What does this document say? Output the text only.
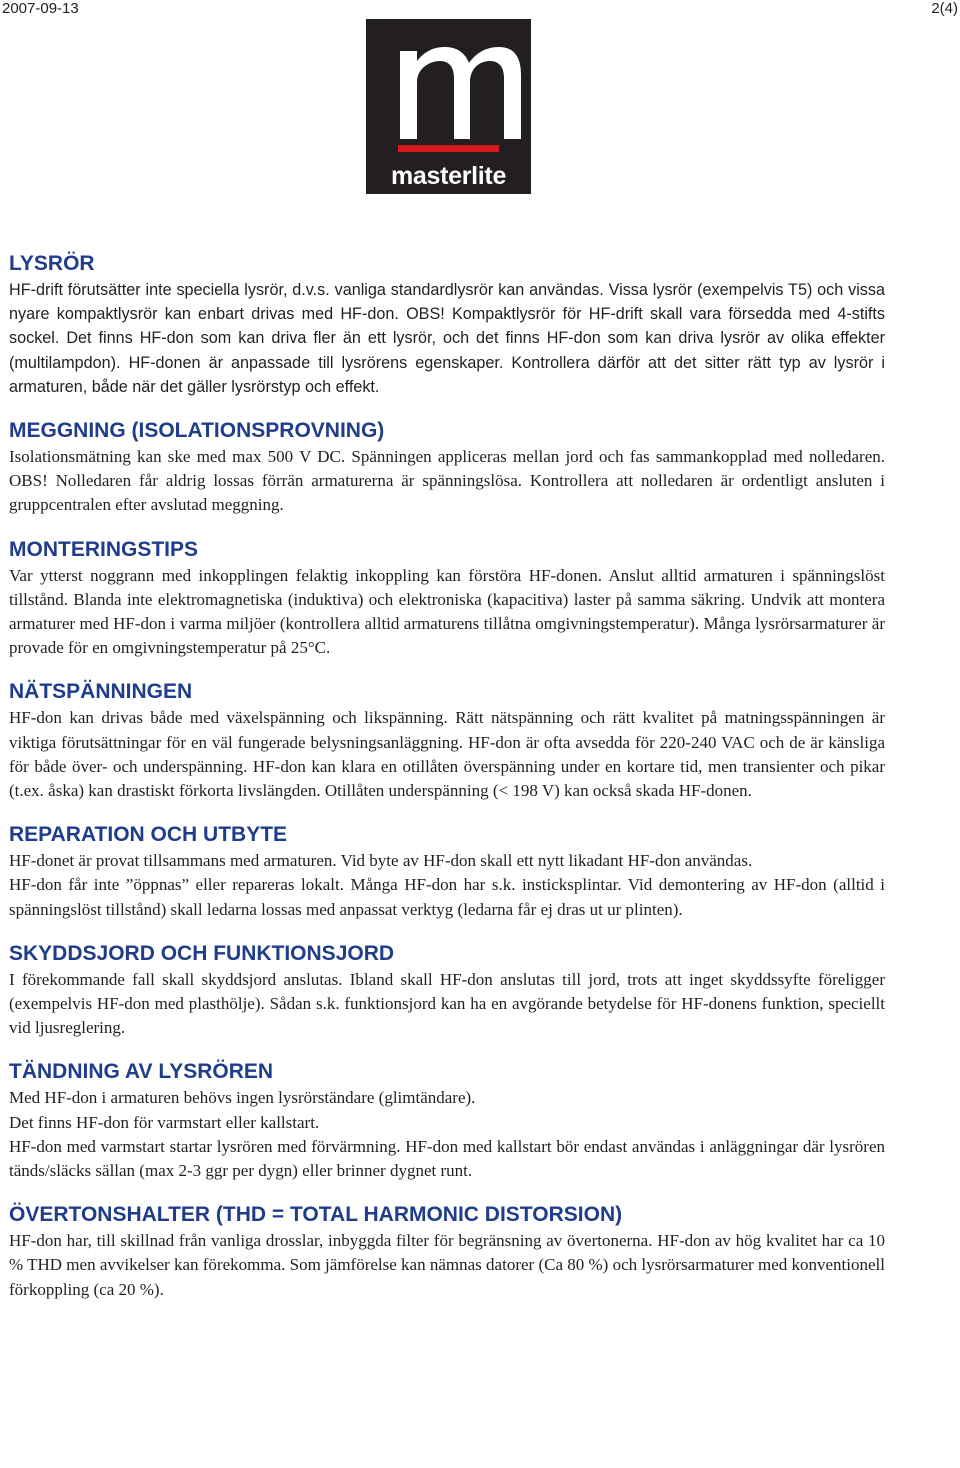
2007-09-13	2(4)
masterlite
LYSRÖR

HF-drift förutsätter inte speciella lysrör, d.v.s. vanliga standardlysrör kan användas. Vissa lysrör (exempelvis T5) och vissa nyare kompaktlysrör kan enbart drivas med HF-don. OBS! Kompaktlysrör för HF-drift skall vara försedda med 4-stifts sockel. Det finns HF-don som kan driva fler än ett lysrör, och det finns HF-don som kan driva lysrör av olika effekter (multilampdon). HF-donen är anpassade till lysrörens egenskaper. Kontrollera därför att det sitter rätt typ av lysrör i armaturen, både när det gäller lysrörstyp och effekt.

MEGGNING (ISOLATIONSPROVNING)

Isolationsmätning kan ske med max 500 V DC. Spänningen appliceras mellan jord och fas sammankopplad med nolledaren. OBS! Nolledaren får aldrig lossas förrän armaturerna är spänningslösa. Kontrollera att nolledaren är ordentligt ansluten i gruppcentralen efter avslutad meggning.

MONTERINGSTIPS

Var ytterst noggrann med inkopplingen felaktig inkoppling kan förstöra HF-donen. Anslut alltid armaturen i spänningslöst tillstånd. Blanda inte elektromagnetiska (induktiva) och elektroniska (kapacitiva) laster på samma säkring. Undvik att montera armaturer med HF-don i varma miljöer (kontrollera alltid armaturens tillåtna omgivningstemperatur). Många lysrörsarmaturer är provade för en omgivningstemperatur på 25°C.

NÄTSPÄNNINGEN

HF-don kan drivas både med växelspänning och likspänning. Rätt nätspänning och rätt kvalitet på matningsspänningen är viktiga förutsättningar för en väl fungerade belysningsanläggning. HF-don är ofta avsedda för 220-240 VAC och de är känsliga för både över- och underspänning. HF-don kan klara en otillåten överspänning under en kortare tid, men transienter och pikar (t.ex. åska) kan drastiskt förkorta livslängden. Otillåten underspänning (< 198 V) kan också skada HF-donen.

REPARATION OCH UTBYTE

HF-donet är provat tillsammans med armaturen. Vid byte av HF-don skall ett nytt likadant HF-don användas.

HF-don får inte ”öppnas” eller repareras lokalt. Många HF-don har s.k. insticksplintar. Vid demontering av HF-don (alltid i spänningslöst tillstånd) skall ledarna lossas med anpassat verktyg (ledarna får ej dras ut ur plinten).

SKYDDSJORD OCH FUNKTIONSJORD

I förekommande fall skall skyddsjord anslutas. Ibland skall HF-don anslutas till jord, trots att inget skyddssyfte föreligger (exempelvis HF-don med plasthölje). Sådan s.k. funktionsjord kan ha en avgörande betydelse för HF-donens funktion, speciellt vid ljusreglering.

TÄNDNING AV LYSRÖREN

Med HF-don i armaturen behövs ingen lysrörständare (glimtändare).

Det finns HF-don för varmstart eller kallstart.

HF-don med varmstart startar lysrören med förvärmning. HF-don med kallstart bör endast användas i anläggningar där lysrören tänds/släcks sällan (max 2-3 ggr per dygn) eller brinner dygnet runt.

ÖVERTONSHALTER (THD = TOTAL HARMONIC DISTORSION)

HF-don har, till skillnad från vanliga drosslar, inbyggda filter för begränsning av övertonerna. HF-don av hög kvalitet har ca 10 % THD men avvikelser kan förekomma. Som jämförelse kan nämnas datorer (Ca 80 %) och lysrörsarmaturer med konventionell förkoppling (ca 20 %).
